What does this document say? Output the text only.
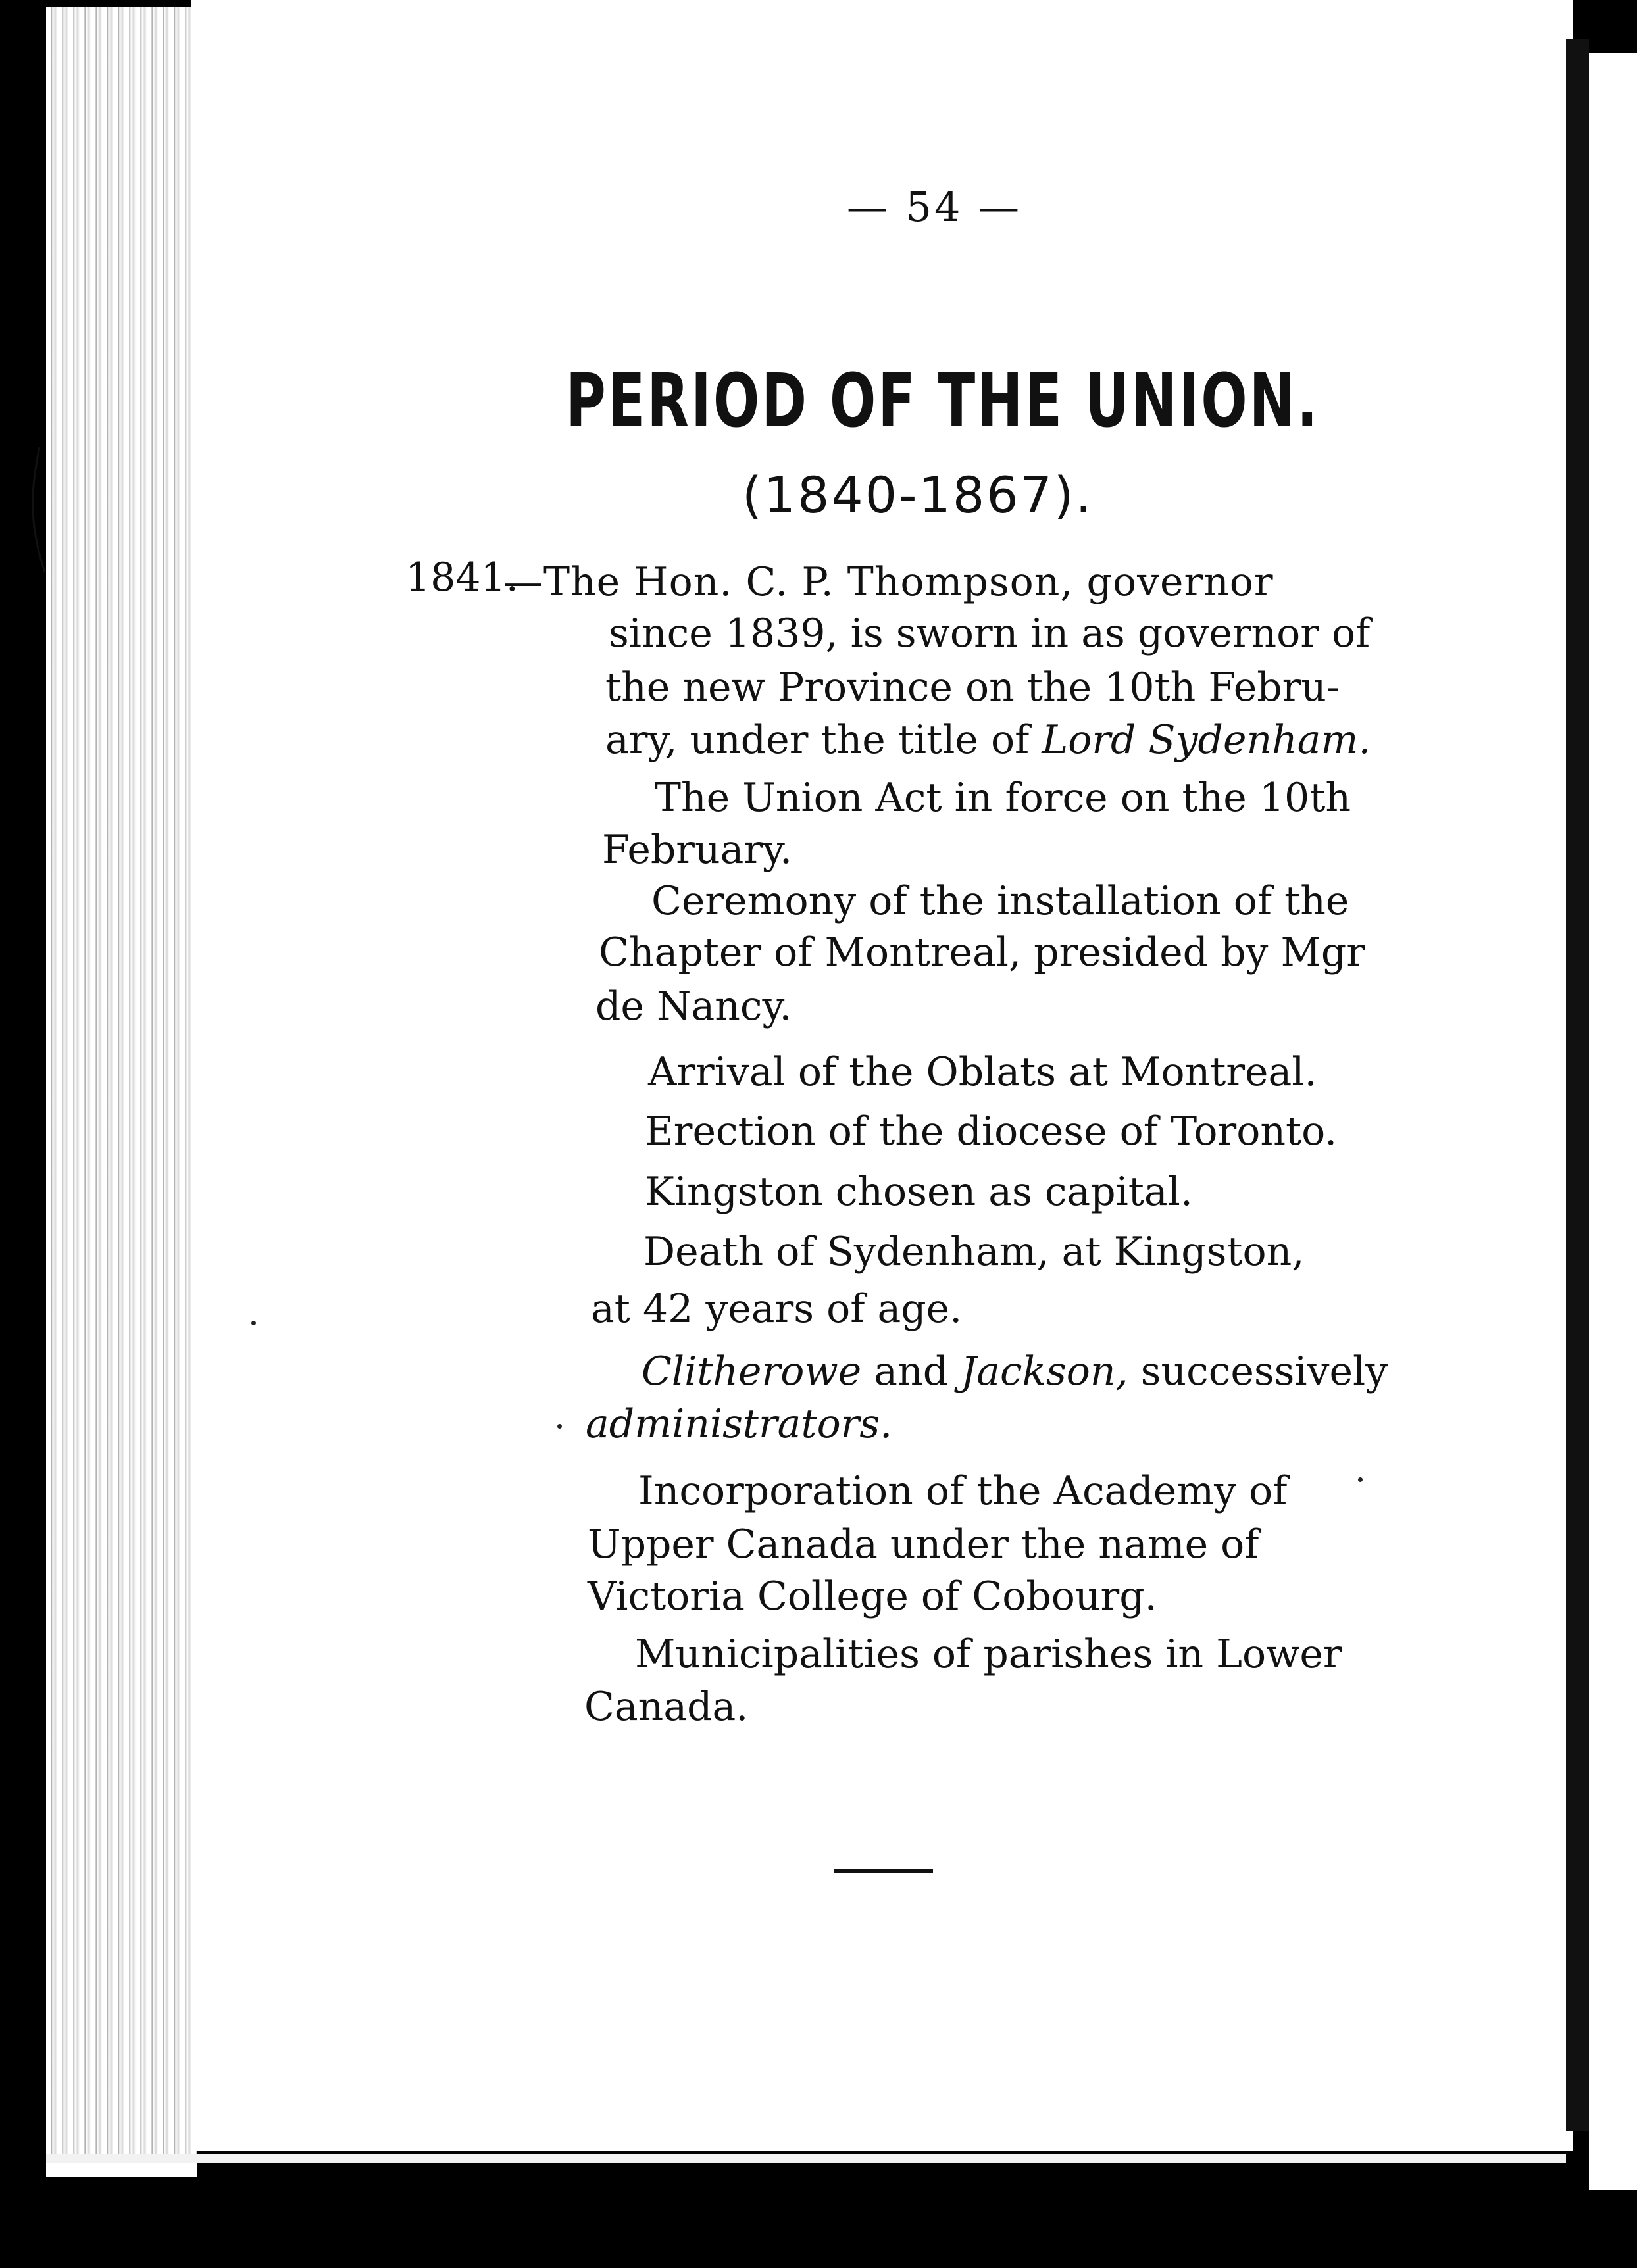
— 54 —
PERIOD OF THE UNION.
(1840-1867).
1841.
—The Hon. C. P. Thompson, governor
since 1839, is sworn in as governor of
the new Province on the 10th Febru-
ary, under the title of Lord Sydenham.
The Union Act in force on the 10th
February.
Ceremony of the installation of the
Chapter of Montreal, presided by Mgr
de Nancy.
Arrival of the Oblats at Montreal.
Erection of the diocese of Toronto.
Kingston chosen as capital.
Death of Sydenham, at Kingston,
at 42 years of age.
Clitherowe and Jackson, successively
administrators.
Incorporation of the Academy of
Upper Canada under the name of
Victoria College of Cobourg.
Municipalities of parishes in Lower
Canada.
